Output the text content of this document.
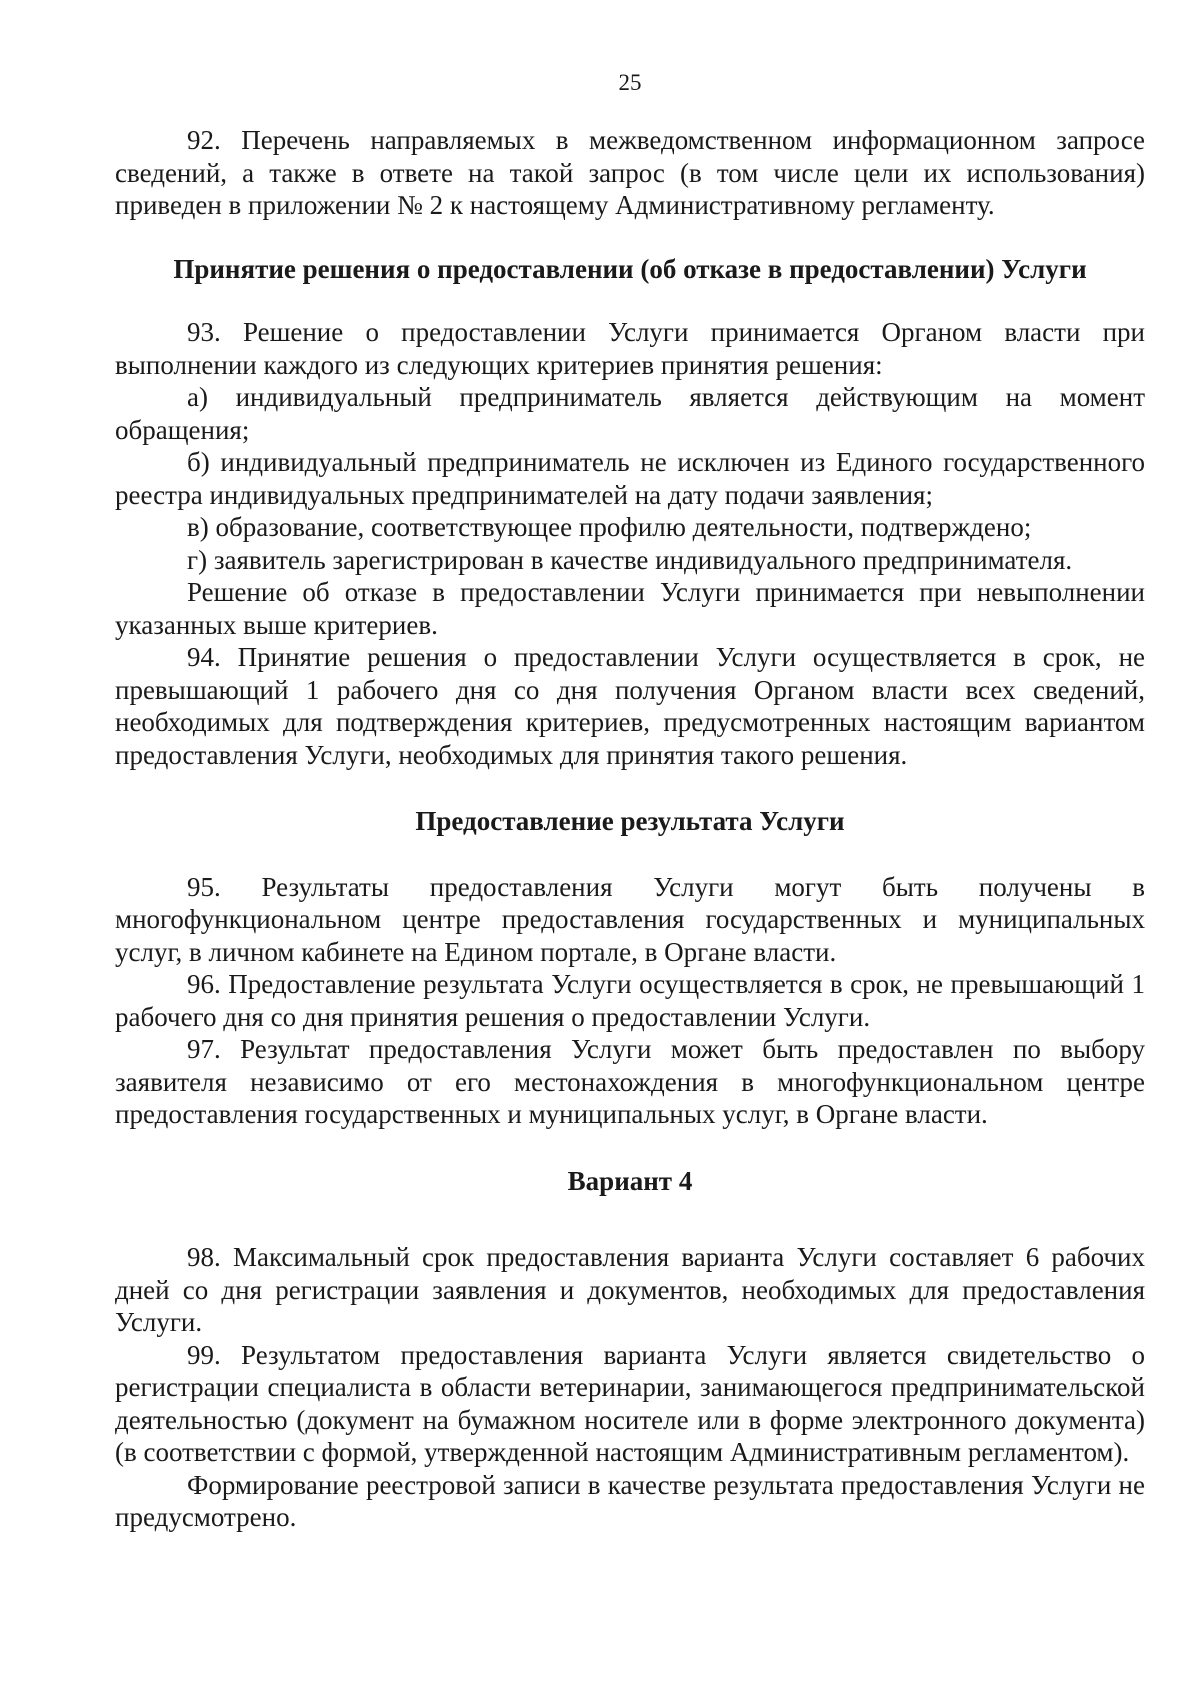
25

92. Перечень направляемых в межведомственном информационном запросе сведений, а также в ответе на такой запрос (в том числе цели их использования) приведен в приложении № 2 к настоящему Административному регламенту.

Принятие решения о предоставлении (об отказе в предоставлении) Услуги

93. Решение о предоставлении Услуги принимается Органом власти при выполнении каждого из следующих критериев принятия решения:

а) индивидуальный предприниматель является действующим на момент обращения;

б) индивидуальный предприниматель не исключен из Единого государственного реестра индивидуальных предпринимателей на дату подачи заявления;

в) образование, соответствующее профилю деятельности, подтверждено;

г) заявитель зарегистрирован в качестве индивидуального предпринимателя.

Решение об отказе в предоставлении Услуги принимается при невыполнении указанных выше критериев.

94. Принятие решения о предоставлении Услуги осуществляется в срок, не превышающий 1 рабочего дня со дня получения Органом власти всех сведений, необходимых для подтверждения критериев, предусмотренных настоящим вариантом предоставления Услуги, необходимых для принятия такого решения.

Предоставление результата Услуги

95. Результаты предоставления Услуги могут быть получены в многофункциональном центре предоставления государственных и муниципальных услуг, в личном кабинете на Едином портале, в Органе власти.

96. Предоставление результата Услуги осуществляется в срок, не превышающий 1 рабочего дня со дня принятия решения о предоставлении Услуги.

97. Результат предоставления Услуги может быть предоставлен по выбору заявителя независимо от его местонахождения в многофункциональном центре предоставления государственных и муниципальных услуг, в Органе власти.

Вариант 4

98. Максимальный срок предоставления варианта Услуги составляет 6 рабочих дней со дня регистрации заявления и документов, необходимых для предоставления Услуги.

99. Результатом предоставления варианта Услуги является свидетельство о регистрации специалиста в области ветеринарии, занимающегося предпринимательской деятельностью (документ на бумажном носителе или в форме электронного документа) (в соответствии с формой, утвержденной настоящим Административным регламентом).

Формирование реестровой записи в качестве результата предоставления Услуги не предусмотрено.
